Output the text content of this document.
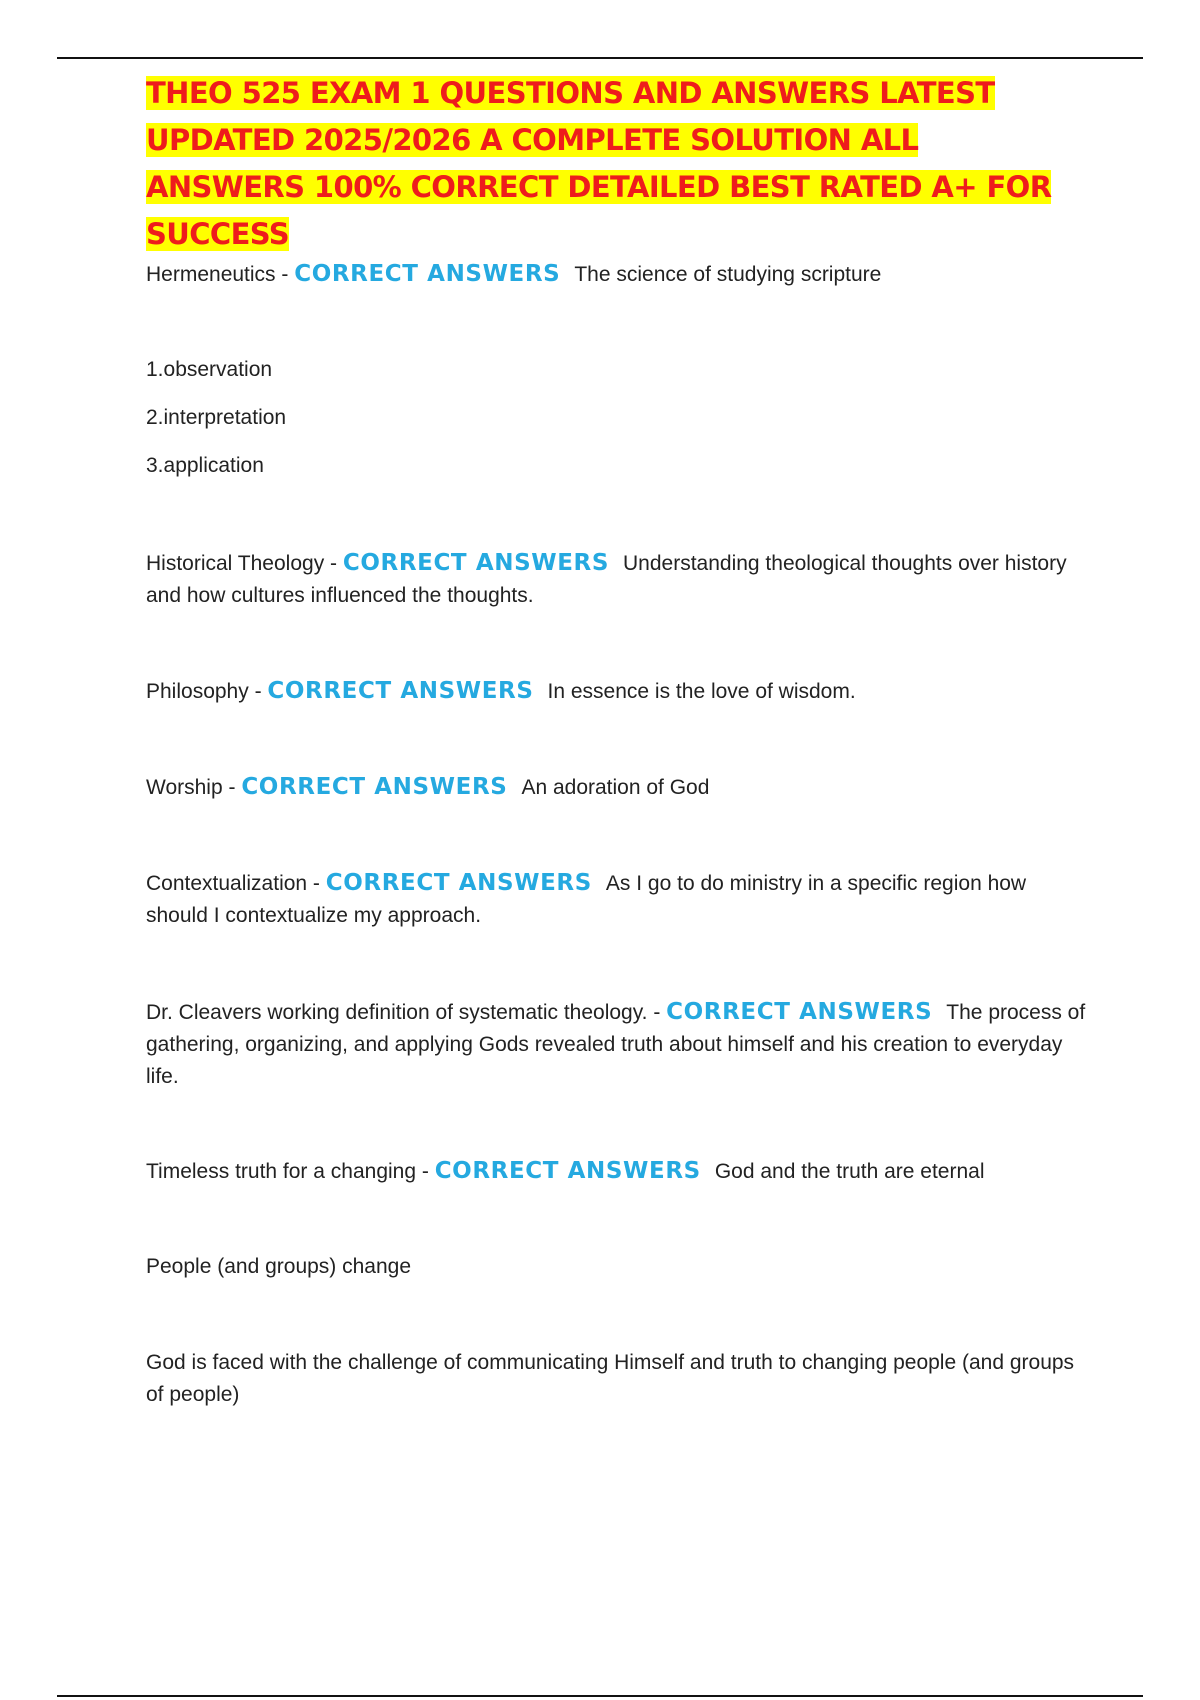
THEO 525 EXAM 1 QUESTIONS AND ANSWERS LATEST UPDATED 2025/2026 A COMPLETE SOLUTION ALL ANSWERS 100% CORRECT DETAILED BEST RATED A+ FOR SUCCESS
Hermeneutics - CORRECT ANSWERS The science of studying scripture
1.observation
2.interpretation
3.application
Historical Theology - CORRECT ANSWERS Understanding theological thoughts over history and how cultures influenced the thoughts.
Philosophy - CORRECT ANSWERS In essence is the love of wisdom.
Worship - CORRECT ANSWERS An adoration of God
Contextualization - CORRECT ANSWERS As I go to do ministry in a specific region how should I contextualize my approach.
Dr. Cleavers working definition of systematic theology. - CORRECT ANSWERS The process of gathering, organizing, and applying Gods revealed truth about himself and his creation to everyday life.
Timeless truth for a changing - CORRECT ANSWERS God and the truth are eternal
People (and groups) change
God is faced with the challenge of communicating Himself and truth to changing people (and groups of people)
